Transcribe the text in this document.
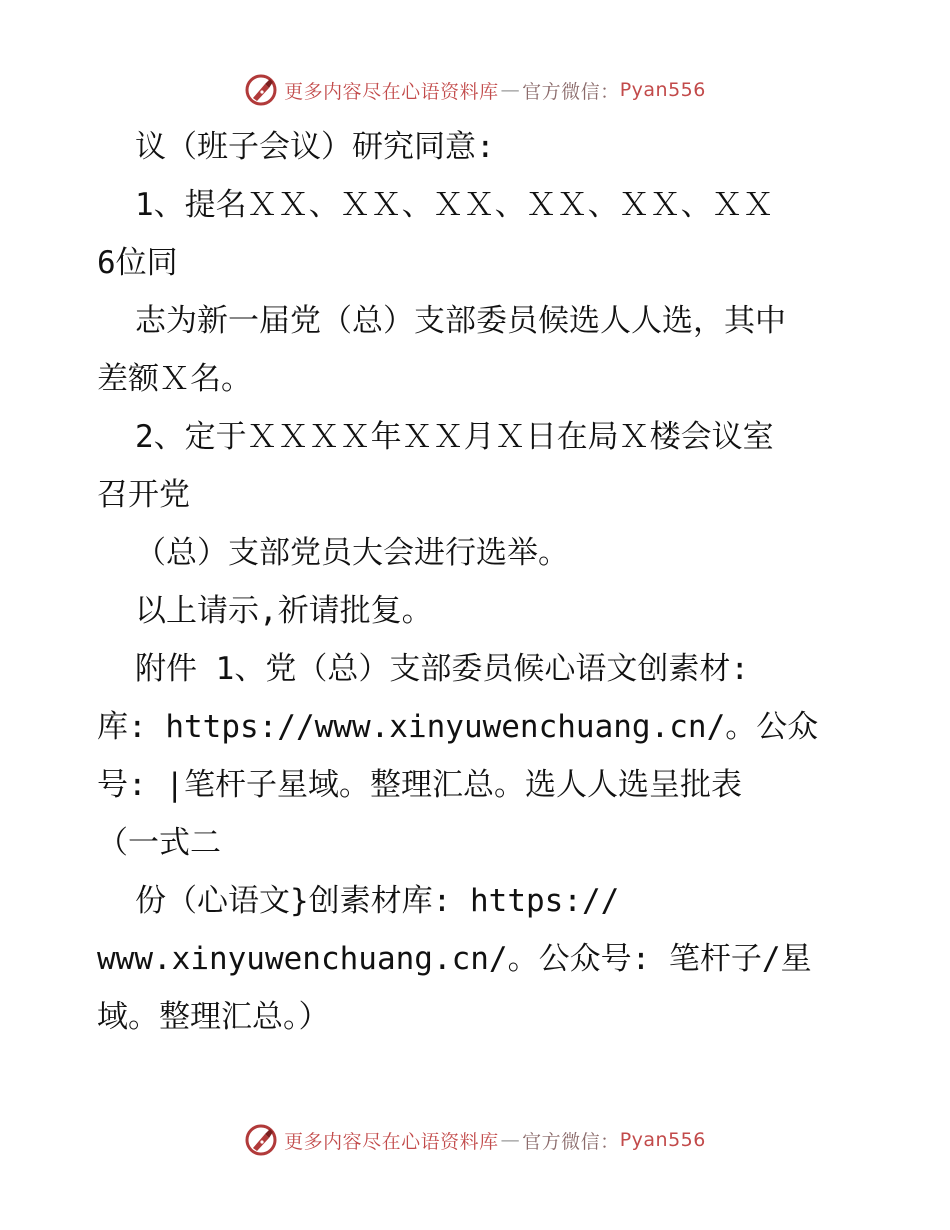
更多内容尽在心语资料库 — 官方微信： Pyan556
议（班子会议）研究同意:
1、提名ＸＸ、ＸＸ、ＸＸ、ＸＸ、ＸＸ、ＸＸ
6位同
志为新一届党（总）支部委员候选人人选，其中
差额Ｘ名。
2、定于ＸＸＸＸ年ＸＸ月Ｘ日在局Ｘ楼会议室
召开党
（总）支部党员大会进行选举。
以上请示,祈请批复。
附件 1、党（总）支部委员候心语文创素材:
库: https://www.xinyuwenchuang.cn/。公众
号: |笔杆子星域。整理汇总。选人人选呈批表
（一式二
份（心语文}创素材库: https://
www.xinyuwenchuang.cn/。公众号: 笔杆子/星
域。整理汇总。）
更多内容尽在心语资料库 — 官方微信： Pyan556
